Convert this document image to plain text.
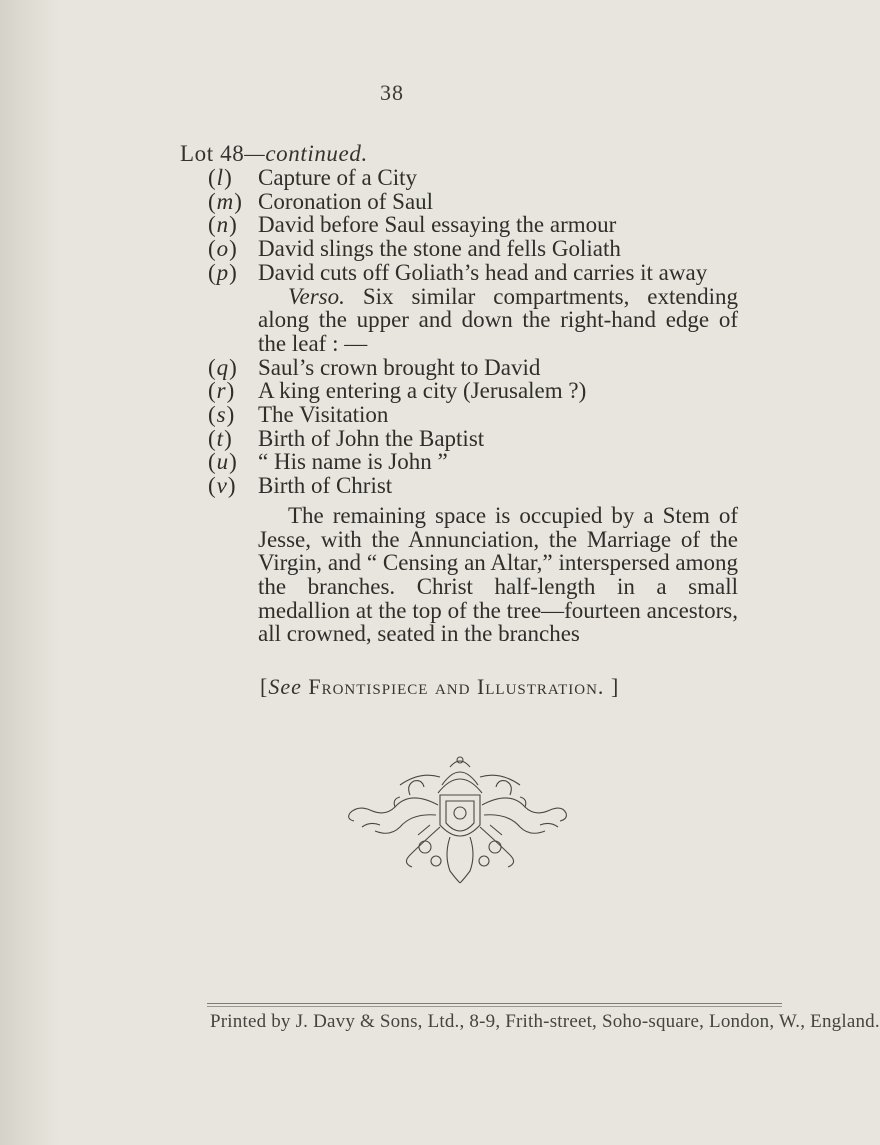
38
Lot 48—continued.
(l) Capture of a City
(m) Coronation of Saul
(n) David before Saul essaying the armour
(o) David slings the stone and fells Goliath
(p) David cuts off Goliath’s head and carries it away
Verso. Six similar compartments, extending along the upper and down the right-hand edge of the leaf : —
(q) Saul’s crown brought to David
(r) A king entering a city (Jerusalem ?)
(s) The Visitation
(t) Birth of John the Baptist
(u) “ His name is John ”
(v) Birth of Christ
The remaining space is occupied by a Stem of Jesse, with the Annunciation, the Marriage of the Virgin, and “ Censing an Altar,” interspersed among the branches. Christ half-length in a small medallion at the top of the tree—fourteen ancestors, all crowned, seated in the branches
[See Frontispiece and Illustration. ]
Printed by J. Davy & Sons, Ltd., 8-9, Frith-street, Soho-square, London, W., England.
